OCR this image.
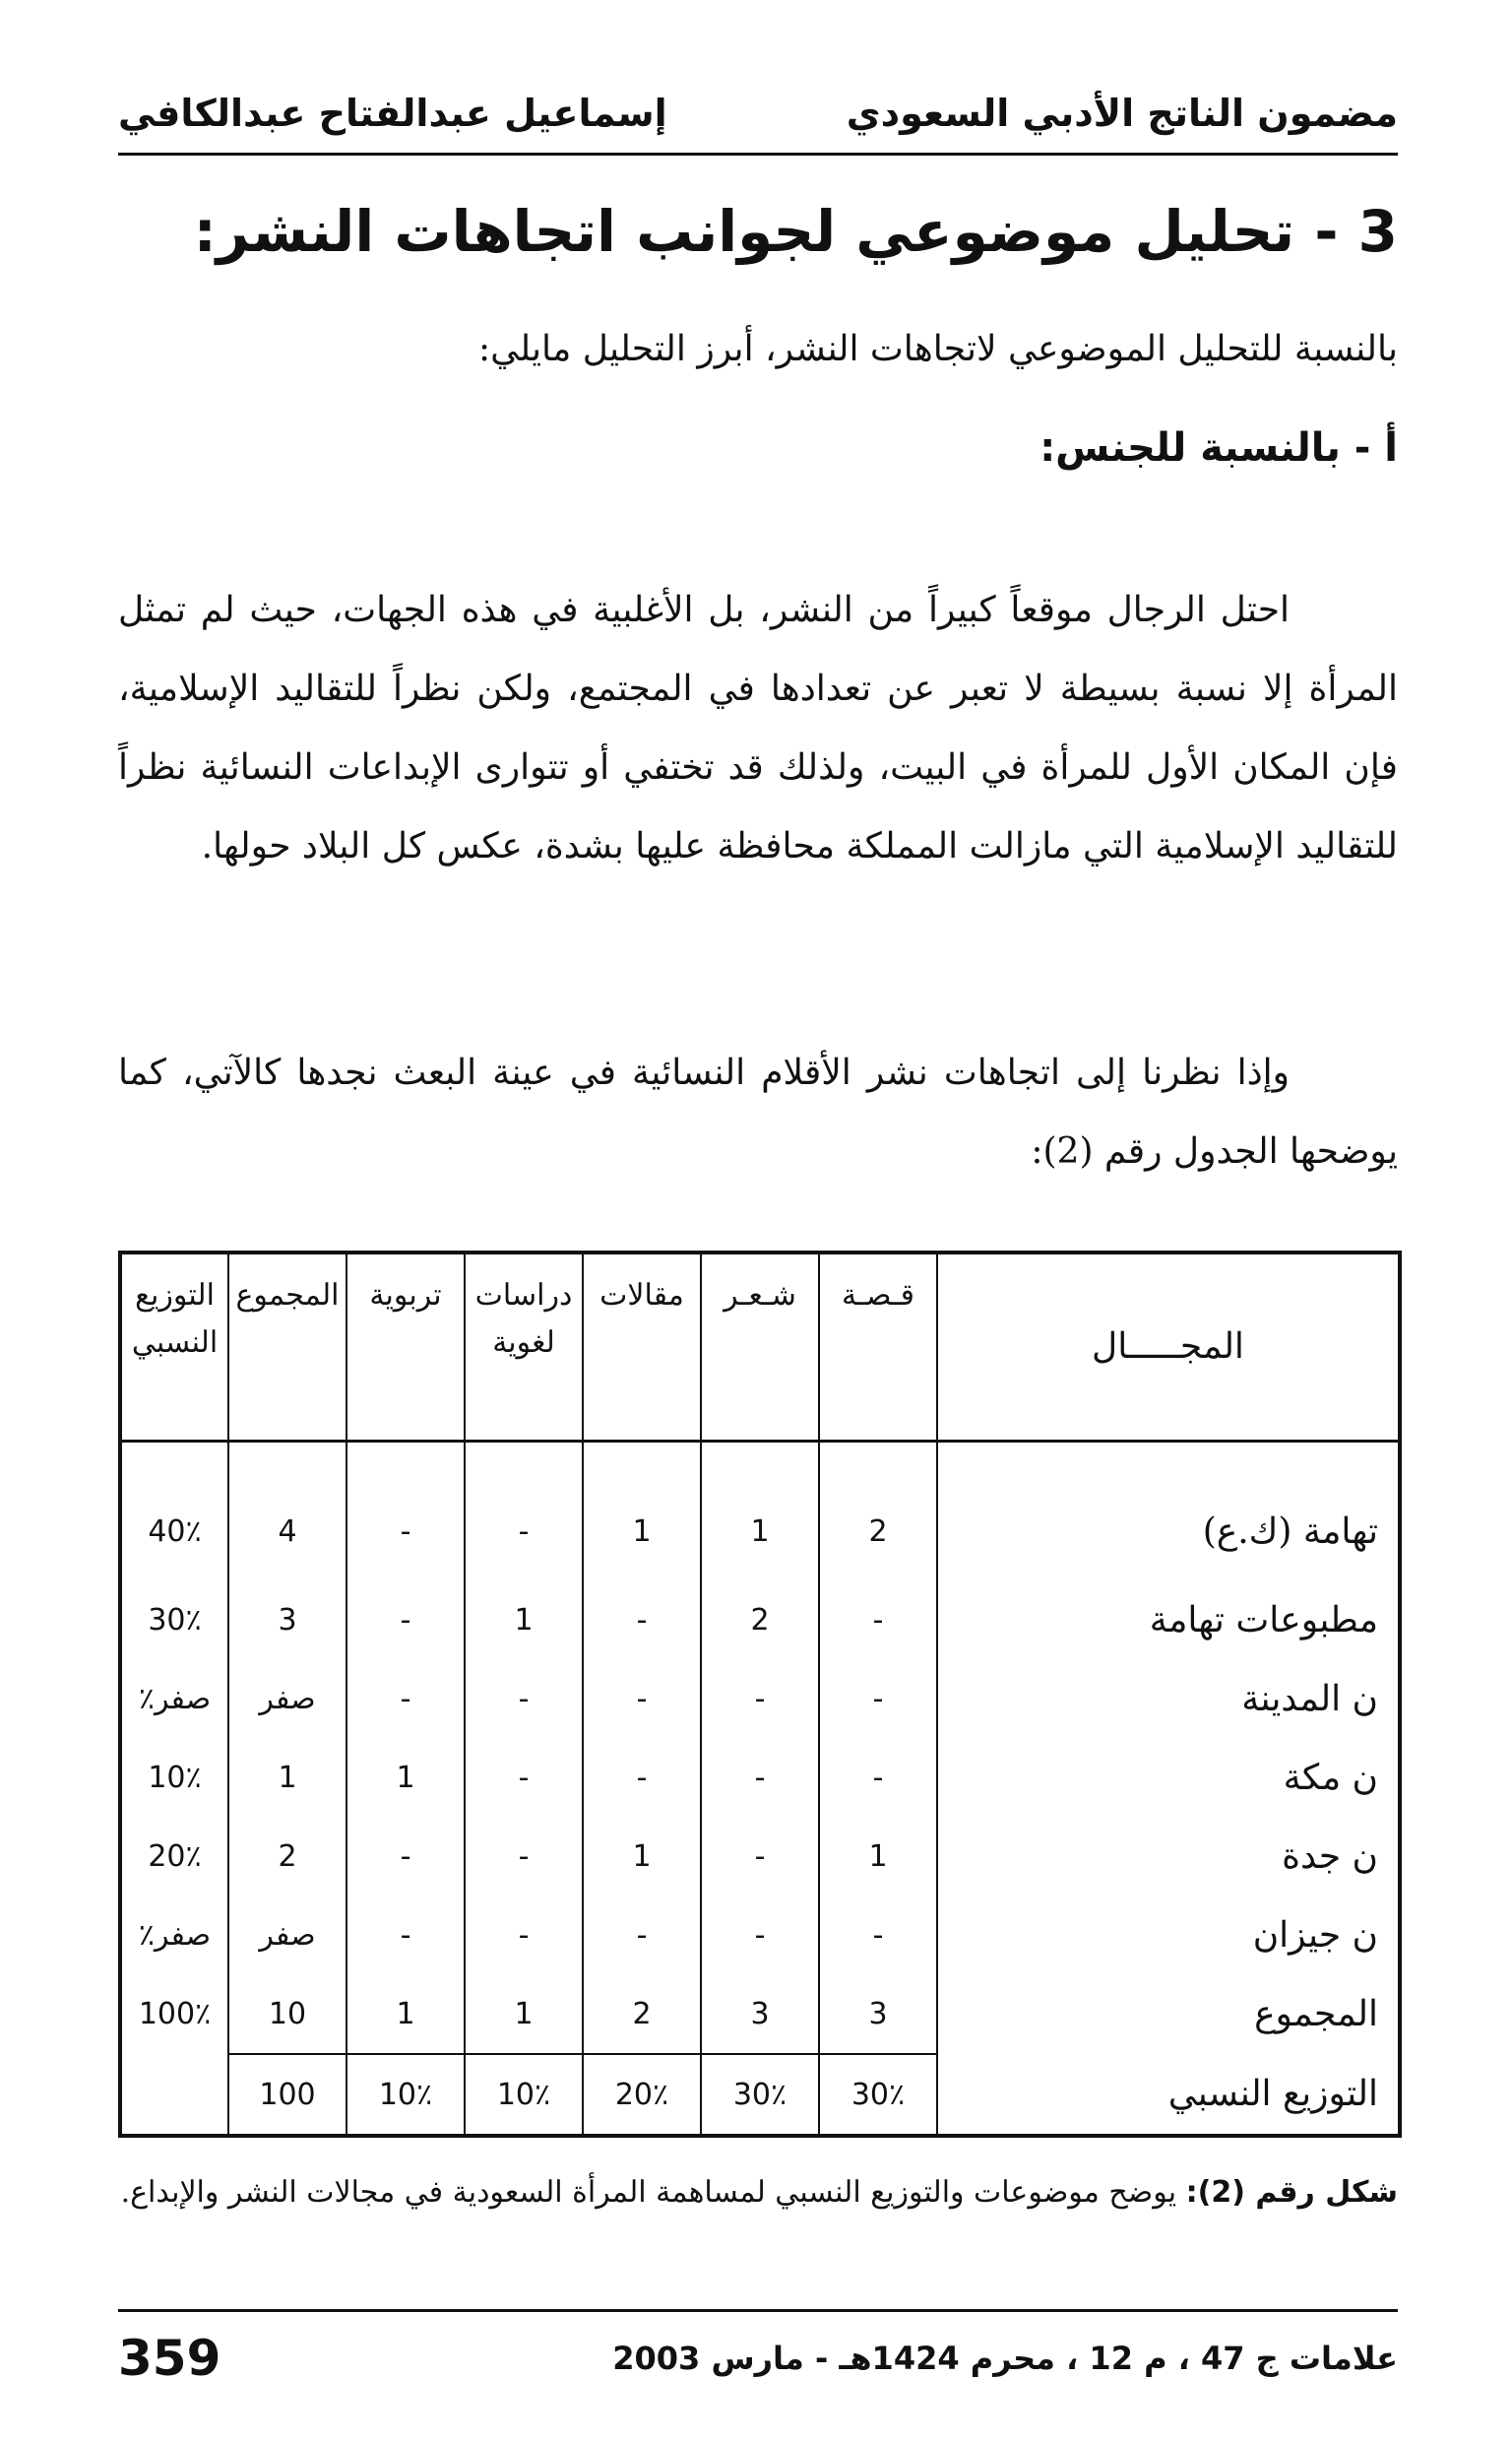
مضمون الناتج الأدبي السعودي
إسماعيل عبدالفتاح عبدالكافي
3 - تحليل موضوعي لجوانب اتجاهات النشر:
بالنسبة للتحليل الموضوعي لاتجاهات النشر، أبرز التحليل مايلي:
أ - بالنسبة للجنس:

احتل الرجال موقعاً كبيراً من النشر، بل الأغلبية في هذه الجهات، حيث لم تمثل المرأة إلا نسبة بسيطة لا تعبر عن تعدادها في المجتمع، ولكن نظراً للتقاليد الإسلامية، فإن المكان الأول للمرأة في البيت، ولذلك قد تختفي أو تتوارى الإبداعات النسائية نظراً للتقاليد الإسلامية التي مازالت المملكة محافظة عليها بشدة، عكس كل البلاد حولها.

وإذا نظرنا إلى اتجاهات نشر الأقلام النسائية في عينة البعث نجدها كالآتي، كما يوضحها الجدول رقم (2):

المجـــــال	قـصـة	شـعـر	مقالات	دراسات لغوية	تربوية	المجموع	التوزيع النسبي
تهامة (ك.ع)	2	1	1	-	-	4	40٪
مطبوعات تهامة	-	2	-	1	-	3	30٪
ن المدينة	-	-	-	-	-	صفر	صفر٪
ن مكة	-	-	-	-	1	1	10٪
ن جدة	1	-	1	-	-	2	20٪
ن جيزان	-	-	-	-	-	صفر	صفر٪
المجموع	3	3	2	1	1	10	100٪
التوزيع النسبي	30٪	30٪	20٪	10٪	10٪	100	
شكل رقم (2): يوضح موضوعات والتوزيع النسبي لمساهمة المرأة السعودية في مجالات النشر والإبداع.
علامات ج 47 ، م 12 ، محرم 1424هـ - مارس 2003
359
